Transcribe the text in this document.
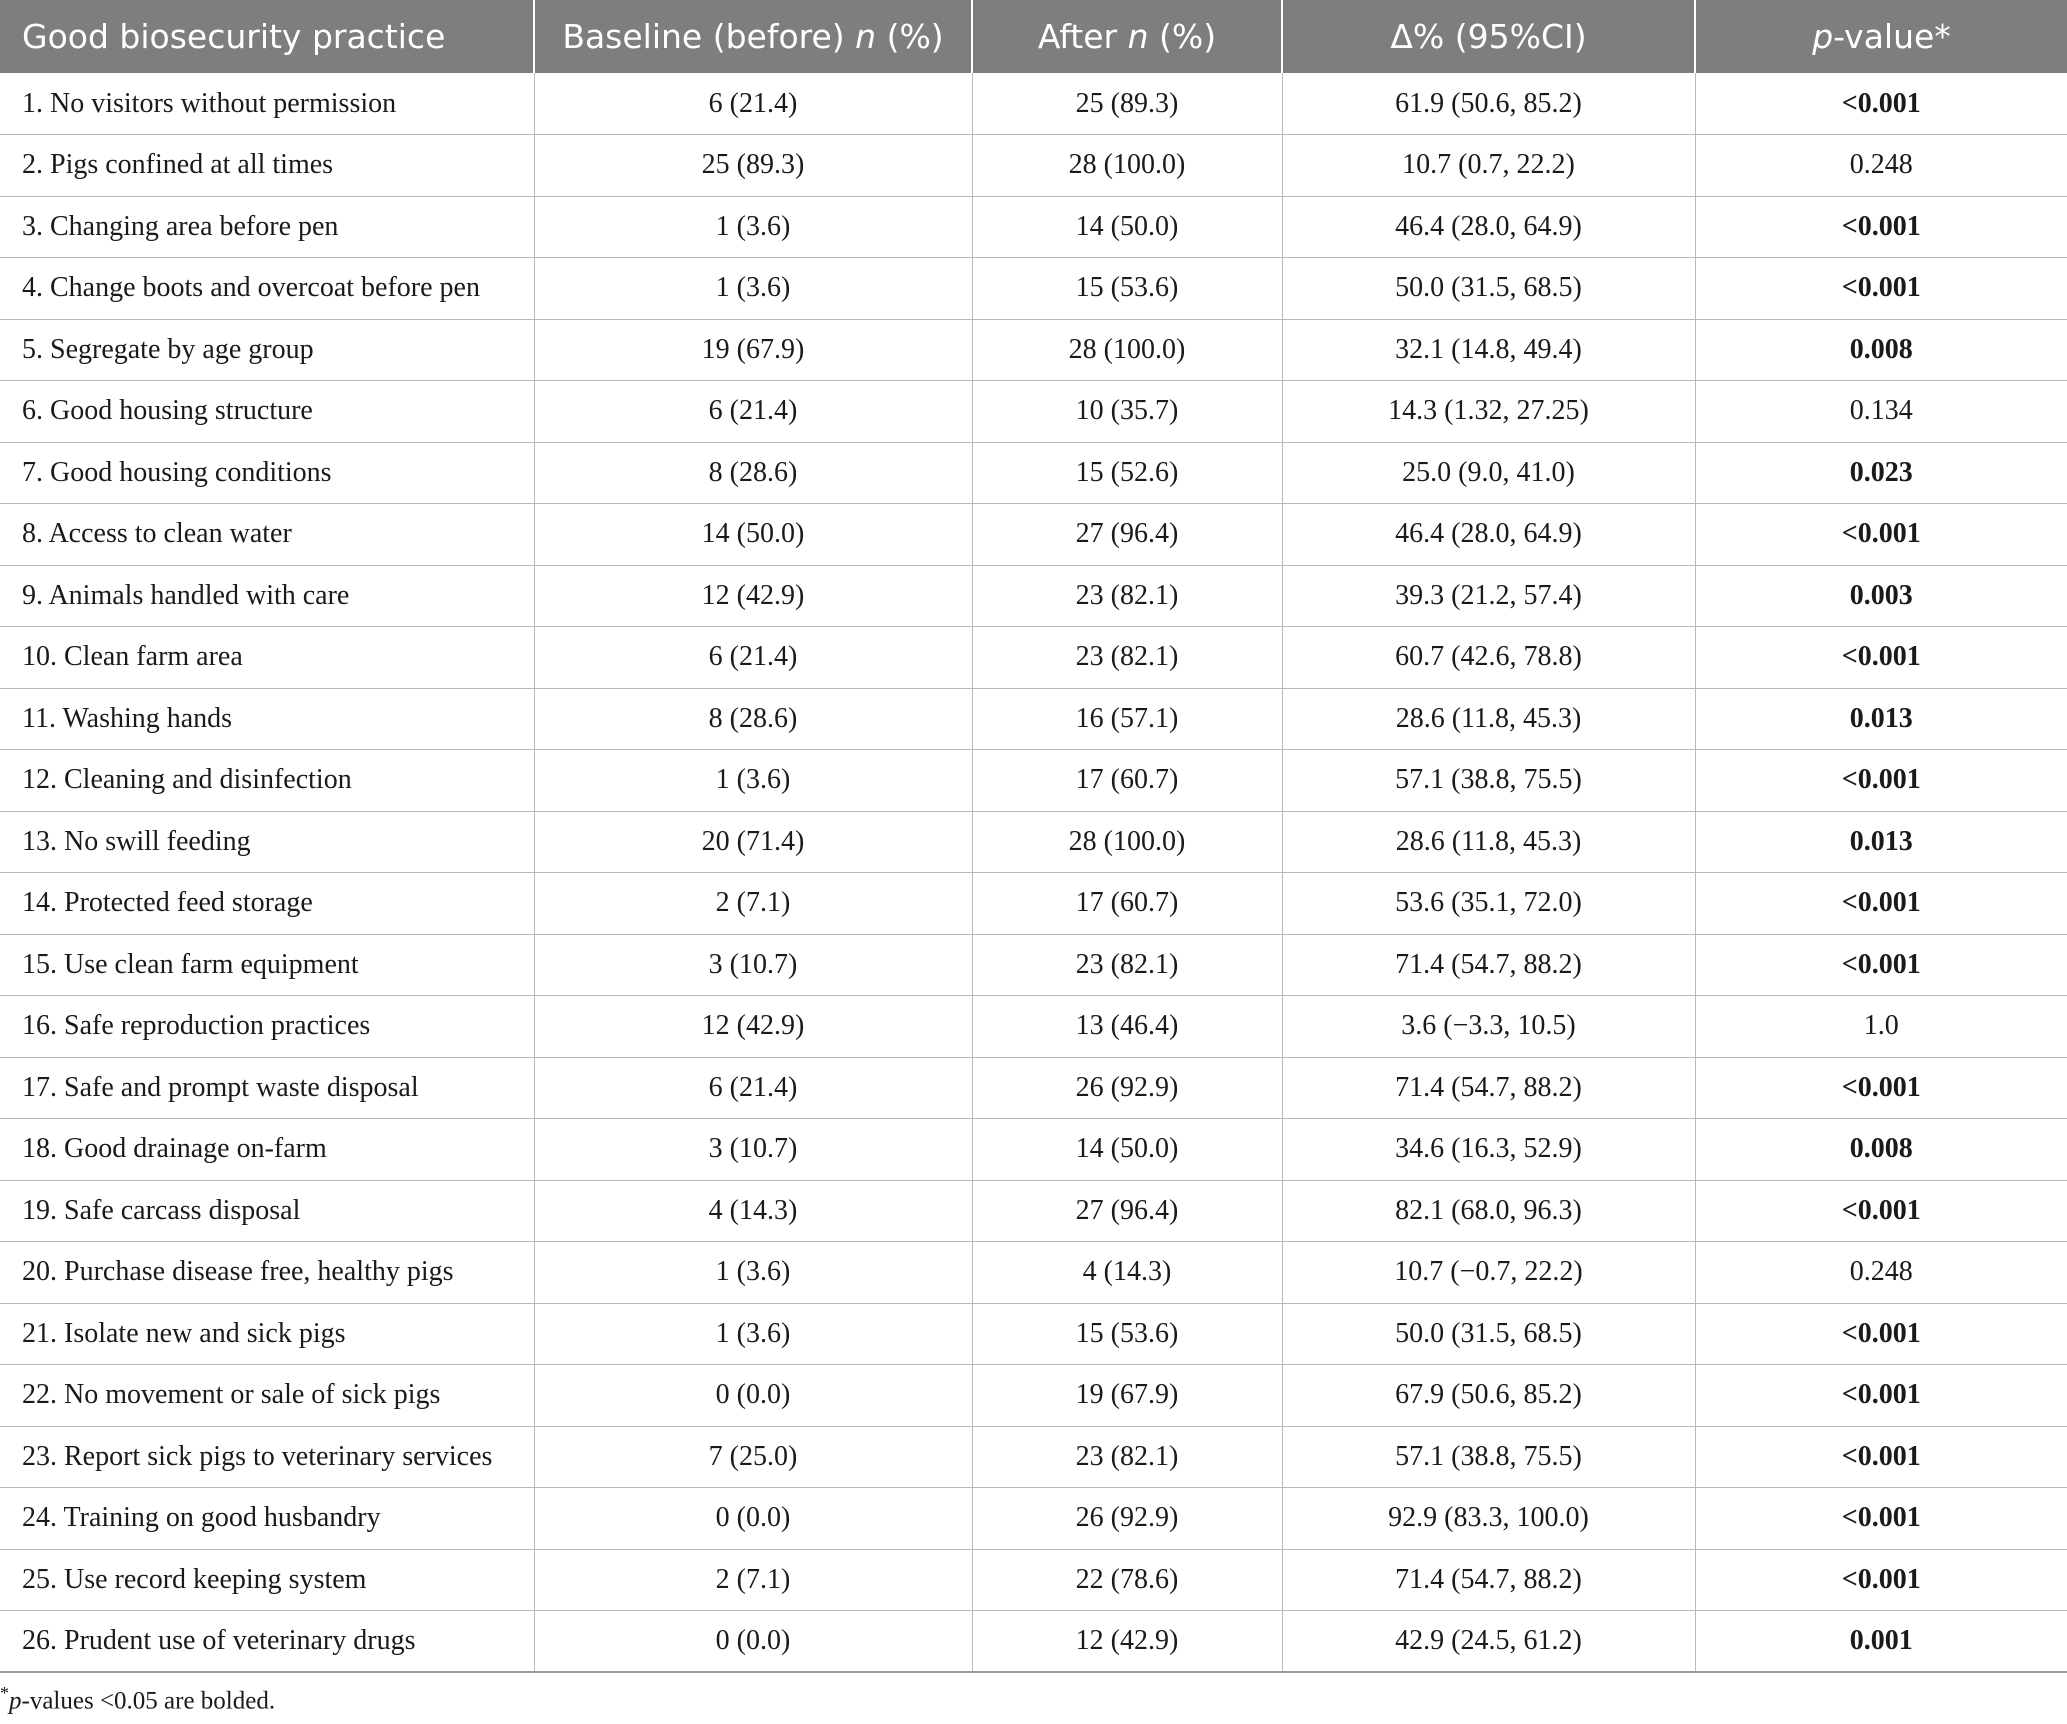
Good biosecurity practice	Baseline (before) n (%)	After n (%)	Δ% (95%CI)	p-value*
1. No visitors without permission	6 (21.4)	25 (89.3)	61.9 (50.6, 85.2)	<0.001
2. Pigs confined at all times	25 (89.3)	28 (100.0)	10.7 (0.7, 22.2)	0.248
3. Changing area before pen	1 (3.6)	14 (50.0)	46.4 (28.0, 64.9)	<0.001
4. Change boots and overcoat before pen	1 (3.6)	15 (53.6)	50.0 (31.5, 68.5)	<0.001
5. Segregate by age group	19 (67.9)	28 (100.0)	32.1 (14.8, 49.4)	0.008
6. Good housing structure	6 (21.4)	10 (35.7)	14.3 (1.32, 27.25)	0.134
7. Good housing conditions	8 (28.6)	15 (52.6)	25.0 (9.0, 41.0)	0.023
8. Access to clean water	14 (50.0)	27 (96.4)	46.4 (28.0, 64.9)	<0.001
9. Animals handled with care	12 (42.9)	23 (82.1)	39.3 (21.2, 57.4)	0.003
10. Clean farm area	6 (21.4)	23 (82.1)	60.7 (42.6, 78.8)	<0.001
11. Washing hands	8 (28.6)	16 (57.1)	28.6 (11.8, 45.3)	0.013
12. Cleaning and disinfection	1 (3.6)	17 (60.7)	57.1 (38.8, 75.5)	<0.001
13. No swill feeding	20 (71.4)	28 (100.0)	28.6 (11.8, 45.3)	0.013
14. Protected feed storage	2 (7.1)	17 (60.7)	53.6 (35.1, 72.0)	<0.001
15. Use clean farm equipment	3 (10.7)	23 (82.1)	71.4 (54.7, 88.2)	<0.001
16. Safe reproduction practices	12 (42.9)	13 (46.4)	3.6 (−3.3, 10.5)	1.0
17. Safe and prompt waste disposal	6 (21.4)	26 (92.9)	71.4 (54.7, 88.2)	<0.001
18. Good drainage on-farm	3 (10.7)	14 (50.0)	34.6 (16.3, 52.9)	0.008
19. Safe carcass disposal	4 (14.3)	27 (96.4)	82.1 (68.0, 96.3)	<0.001
20. Purchase disease free, healthy pigs	1 (3.6)	4 (14.3)	10.7 (−0.7, 22.2)	0.248
21. Isolate new and sick pigs	1 (3.6)	15 (53.6)	50.0 (31.5, 68.5)	<0.001
22. No movement or sale of sick pigs	0 (0.0)	19 (67.9)	67.9 (50.6, 85.2)	<0.001
23. Report sick pigs to veterinary services	7 (25.0)	23 (82.1)	57.1 (38.8, 75.5)	<0.001
24. Training on good husbandry	0 (0.0)	26 (92.9)	92.9 (83.3, 100.0)	<0.001
25. Use record keeping system	2 (7.1)	22 (78.6)	71.4 (54.7, 88.2)	<0.001
26. Prudent use of veterinary drugs	0 (0.0)	12 (42.9)	42.9 (24.5, 61.2)	0.001
*p-values <0.05 are bolded.
